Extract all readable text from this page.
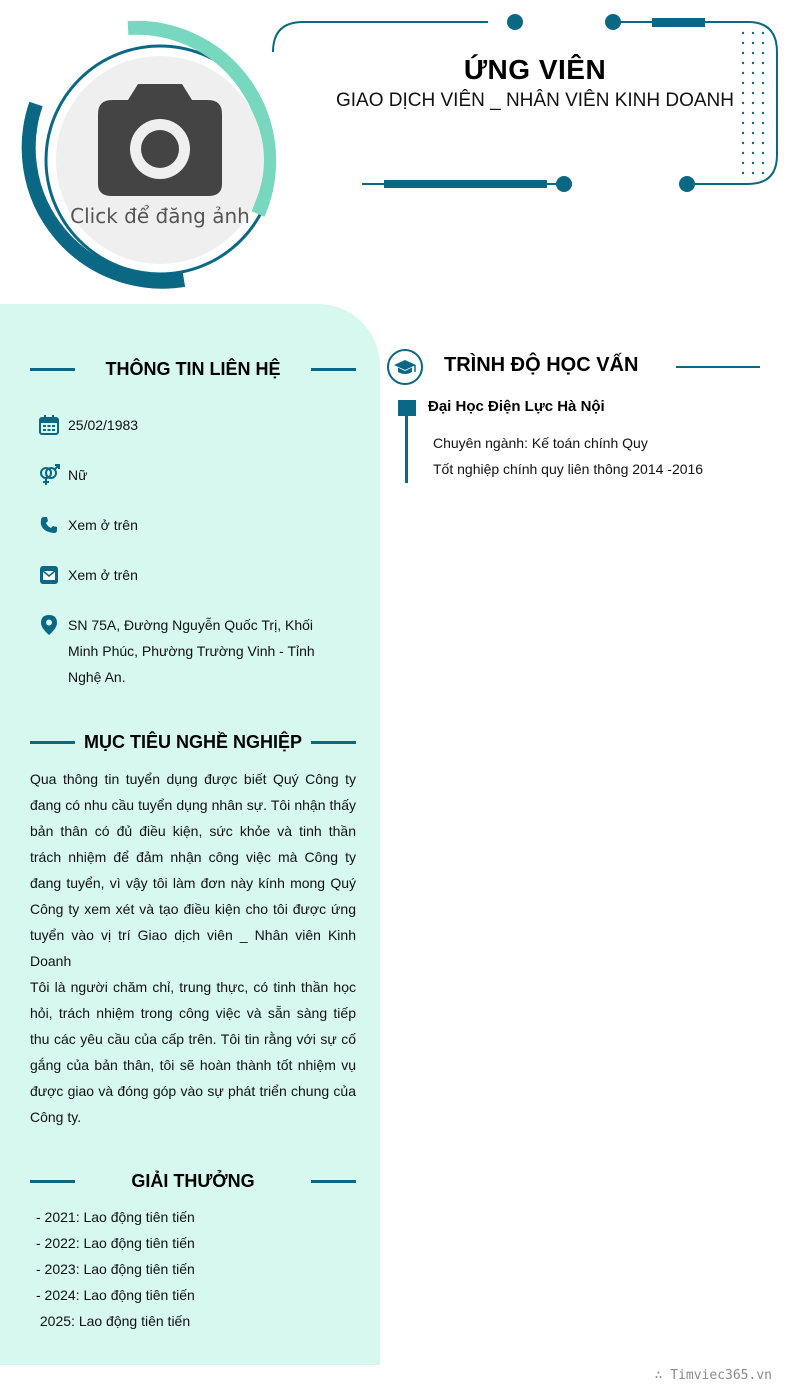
Click để đăng ảnh
ỨNG VIÊN
GIAO DỊCH VIÊN _ NHÂN VIÊN KINH DOANH
THÔNG TIN LIÊN HỆ
25/02/1983
Nữ
Xem ở trên
Xem ở trên
SN 75A, Đường Nguyễn Quốc Trị, Khối Minh Phúc, Phường Trường Vinh - Tỉnh Nghệ An.
MỤC TIÊU NGHỀ NGHIỆP

Qua thông tin tuyển dụng được biết Quý Công ty đang có nhu cầu tuyển dụng nhân sự. Tôi nhận thấy bản thân có đủ điều kiện, sức khỏe và tinh thần trách nhiệm để đảm nhận công việc mà Công ty đang tuyển, vì vậy tôi làm đơn này kính mong Quý Công ty xem xét và tạo điều kiện cho tôi được ứng tuyển vào vị trí Giao dịch viên _ Nhân viên Kinh Doanh

Tôi là người chăm chỉ, trung thực, có tinh thần học hỏi, trách nhiệm trong công việc và sẵn sàng tiếp thu các yêu cầu của cấp trên. Tôi tin rằng với sự cố gắng của bản thân, tôi sẽ hoàn thành tốt nhiệm vụ được giao và đóng góp vào sự phát triển chung của Công ty.

GIẢI THƯỞNG
- 2021: Lao động tiên tiến
- 2022: Lao động tiên tiến
- 2023: Lao động tiên tiến
- 2024: Lao động tiên tiến
2025: Lao động tiên tiến
TRÌNH ĐỘ HỌC VẤN
Đại Học Điện Lực Hà Nội
Chuyên ngành: Kế toán chính Quy
Tốt nghiệp chính quy liên thông 2014 -2016
∴ Timviec365.vn
